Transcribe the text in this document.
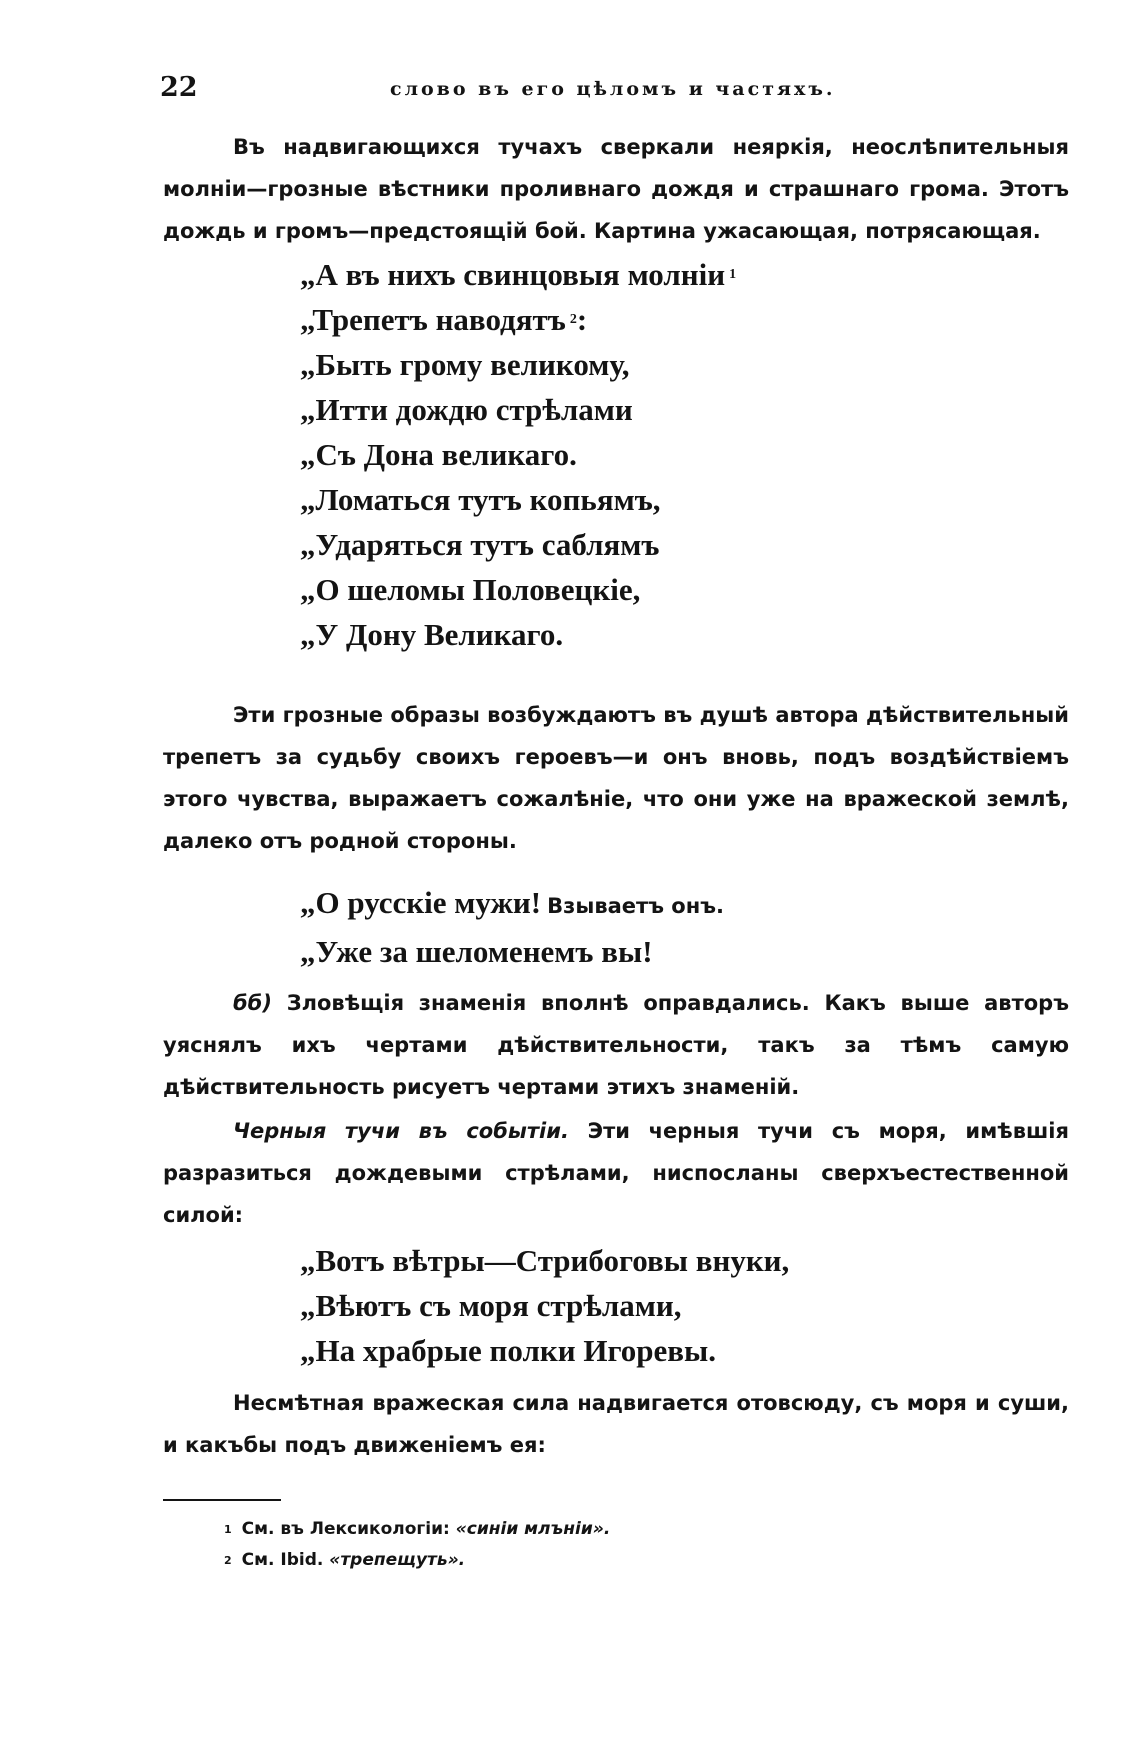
22	слово въ его цѣломъ и частяхъ.

Въ надвигающихся тучахъ сверкали неяркія, неослѣпительныя молніи—грозные вѣстники проливнаго дождя и страшнаго грома. Этотъ дождь и громъ—предстоящій бой. Картина ужасающая, потрясающая.

„А въ нихъ свинцовыя молніи $^1$
„Трепетъ наводятъ $^2$:
„Быть грому великому,
„Итти дождю стрѣлами
„Съ Дона великаго.
„Ломаться тутъ копьямъ,
„Ударяться тутъ саблямъ
„О шеломы Половецкіе,
„У Дону Великаго.

Эти грозные образы возбуждаютъ въ душѣ автора дѣйствительный трепетъ за судьбу своихъ героевъ—и онъ вновь, подъ воздѣйствіемъ этого чувства, выражаетъ сожалѣніе, что они уже на вражеской землѣ, далеко отъ родной стороны.

„О русскіе мужи! Взываетъ онъ.
„Уже за шеломенемъ вы!

бб) Зловѣщія знаменія вполнѣ оправдались. Какъ выше авторъ уяснялъ ихъ чертами дѣйствительности, такъ за тѣмъ самую дѣйствительность рисуетъ чертами этихъ знаменій.

Черныя тучи въ событіи. Эти черныя тучи съ моря, имѣвшія разразиться дождевыми стрѣлами, ниспосланы сверхъестественной силой:

„Вотъ вѣтры—Стрибоговы внуки,
„Вѣютъ съ моря стрѣлами,
„На храбрые полки Игоревы.

Несмѣтная вражеская сила надвигается отовсюду, съ моря и суши, и какъбы подъ движеніемъ ея:

$^1$ См. въ Лексикологіи: «синіи млъніи».
$^2$ См. Ibid. «трепещуть».
